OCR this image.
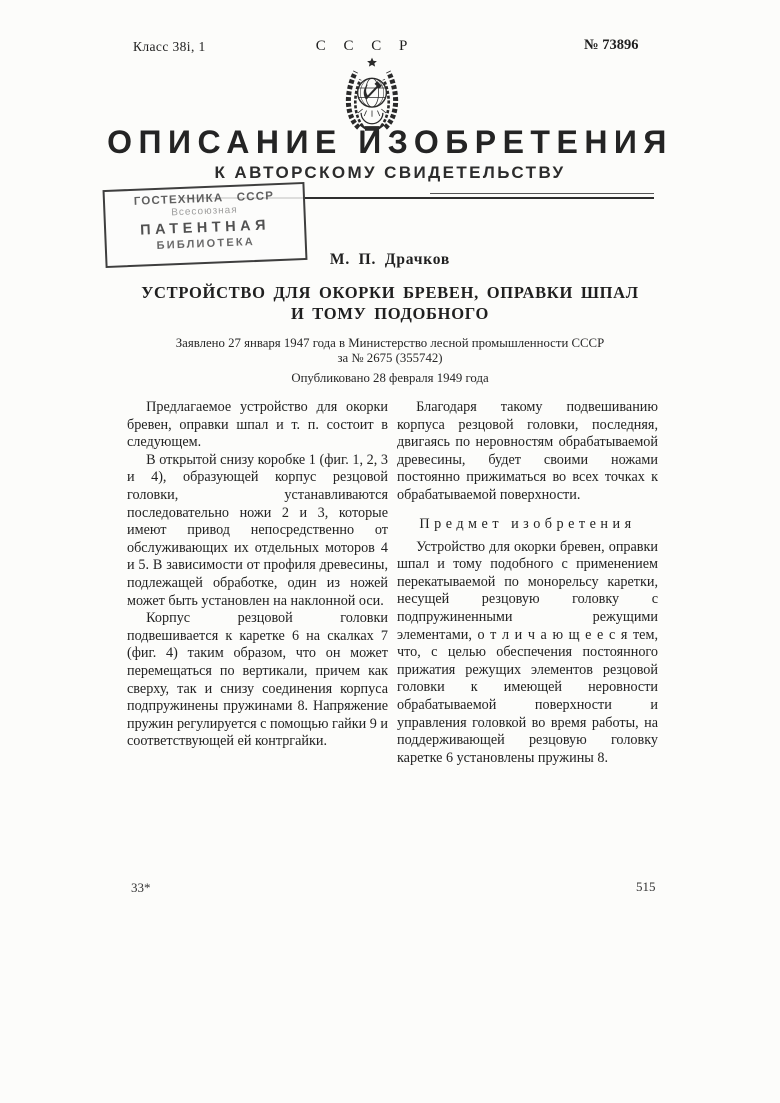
Класс 38i, 1	С С С Р	№ 73896
ОПИСАНИЕ ИЗОБРЕТЕНИЯ
К АВТОРСКОМУ СВИДЕТЕЛЬСТВУ
ГОСТЕХНИКА СССР
Всесоюзная
ПАТЕНТНАЯ
БИБЛИОТЕКА
М. П. Драчков
УСТРОЙСТВО ДЛЯ ОКОРКИ БРЕВЕН, ОПРАВКИ ШПАЛ
И ТОМУ ПОДОБНОГО
Заявлено 27 января 1947 года в Министерство лесной промышленности СССР
за № 2675 (355742)
Опубликовано 28 февраля 1949 года

Предлагаемое устройство для окорки бревен, оправки шпал и т. п. состоит в следующем.

В открытой снизу коробке 1 (фиг. 1, 2, 3 и 4), образующей корпус резцовой головки, устанавливаются последовательно ножи 2 и 3, которые имеют привод непосредственно от обслуживающих их отдельных моторов 4 и 5. В зависимости от профиля древесины, подлежащей обработке, один из ножей может быть установлен на наклонной оси.

Корпус резцовой головки подвешивается к каретке 6 на скалках 7 (фиг. 4) таким образом, что он может перемещаться по вертикали, причем как сверху, так и снизу соединения корпуса подпружинены пружинами 8. Напряжение пружин регулируется с помощью гайки 9 и соответствующей ей контргайки.

Благодаря такому подвешиванию корпуса резцовой головки, последняя, двигаясь по неровностям обрабатываемой древесины, будет своими ножами постоянно прижиматься во всех точках к обрабатываемой поверхности.

Предмет изобретения

Устройство для окорки бревен, оправки шпал и тому подобного с применением перекатываемой по монорельсу каретки, несущей резцовую головку с подпружиненными режущими элементами, о т л и ч а ю щ е е с я тем, что, с целью обеспечения постоянного прижатия режущих элементов резцовой головки к имеющей неровности обрабатываемой поверхности и управления головкой во время работы, на поддерживающей резцовую головку каретке 6 установлены пружины 8.

33*	515
